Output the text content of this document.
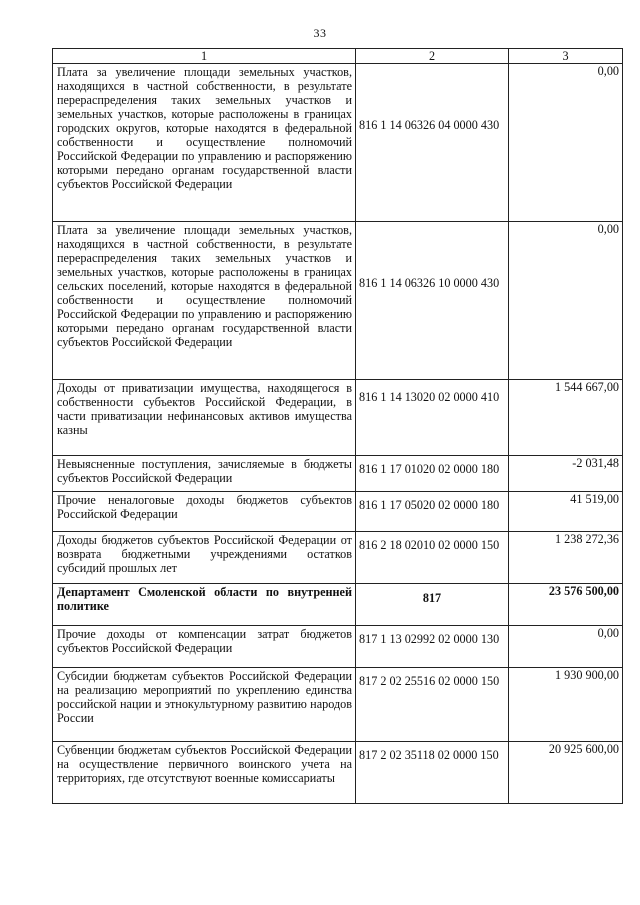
33
1	2	3
Плата за увеличение площади земельных участков, находящихся в частной собственности, в результате перераспределения таких земельных участков и земельных участков, которые расположены в границах городских округов, которые находятся в федеральной собственности и осуществление полномочий Российской Федерации по управлению и распоряжению которыми передано органам государственной власти субъектов Российской Федерации	816 1 14 06326 04 0000 430	0,00
Плата за увеличение площади земельных участков, находящихся в частной собственности, в результате перераспределения таких земельных участков и земельных участков, которые расположены в границах сельских поселений, которые находятся в федеральной собственности и осуществление полномочий Российской Федерации по управлению и распоряжению которыми передано органам государственной власти субъектов Российской Федерации	816 1 14 06326 10 0000 430	0,00
Доходы от приватизации имущества, находящегося в собственности субъектов Российской Федерации, в части приватизации нефинансовых активов имущества казны	816 1 14 13020 02 0000 410	1 544 667,00
Невыясненные поступления, зачисляемые в бюджеты субъектов Российской Федерации	816 1 17 01020 02 0000 180	-2 031,48
Прочие неналоговые доходы бюджетов субъектов Российской Федерации	816 1 17 05020 02 0000 180	41 519,00
Доходы бюджетов субъектов Российской Федерации от возврата бюджетными учреждениями остатков субсидий прошлых лет	816 2 18 02010 02 0000 150	1 238 272,36
Департамент Смоленской области по внутренней политике	817	23 576 500,00
Прочие доходы от компенсации затрат бюджетов субъектов Российской Федерации	817 1 13 02992 02 0000 130	0,00
Субсидии бюджетам субъектов Российской Федерации на реализацию мероприятий по укреплению единства российской нации и этнокультурному развитию народов России	817 2 02 25516 02 0000 150	1 930 900,00
Субвенции бюджетам субъектов Российской Федерации на осуществление первичного воинского учета на территориях, где отсутствуют военные комиссариаты	817 2 02 35118 02 0000 150	20 925 600,00
